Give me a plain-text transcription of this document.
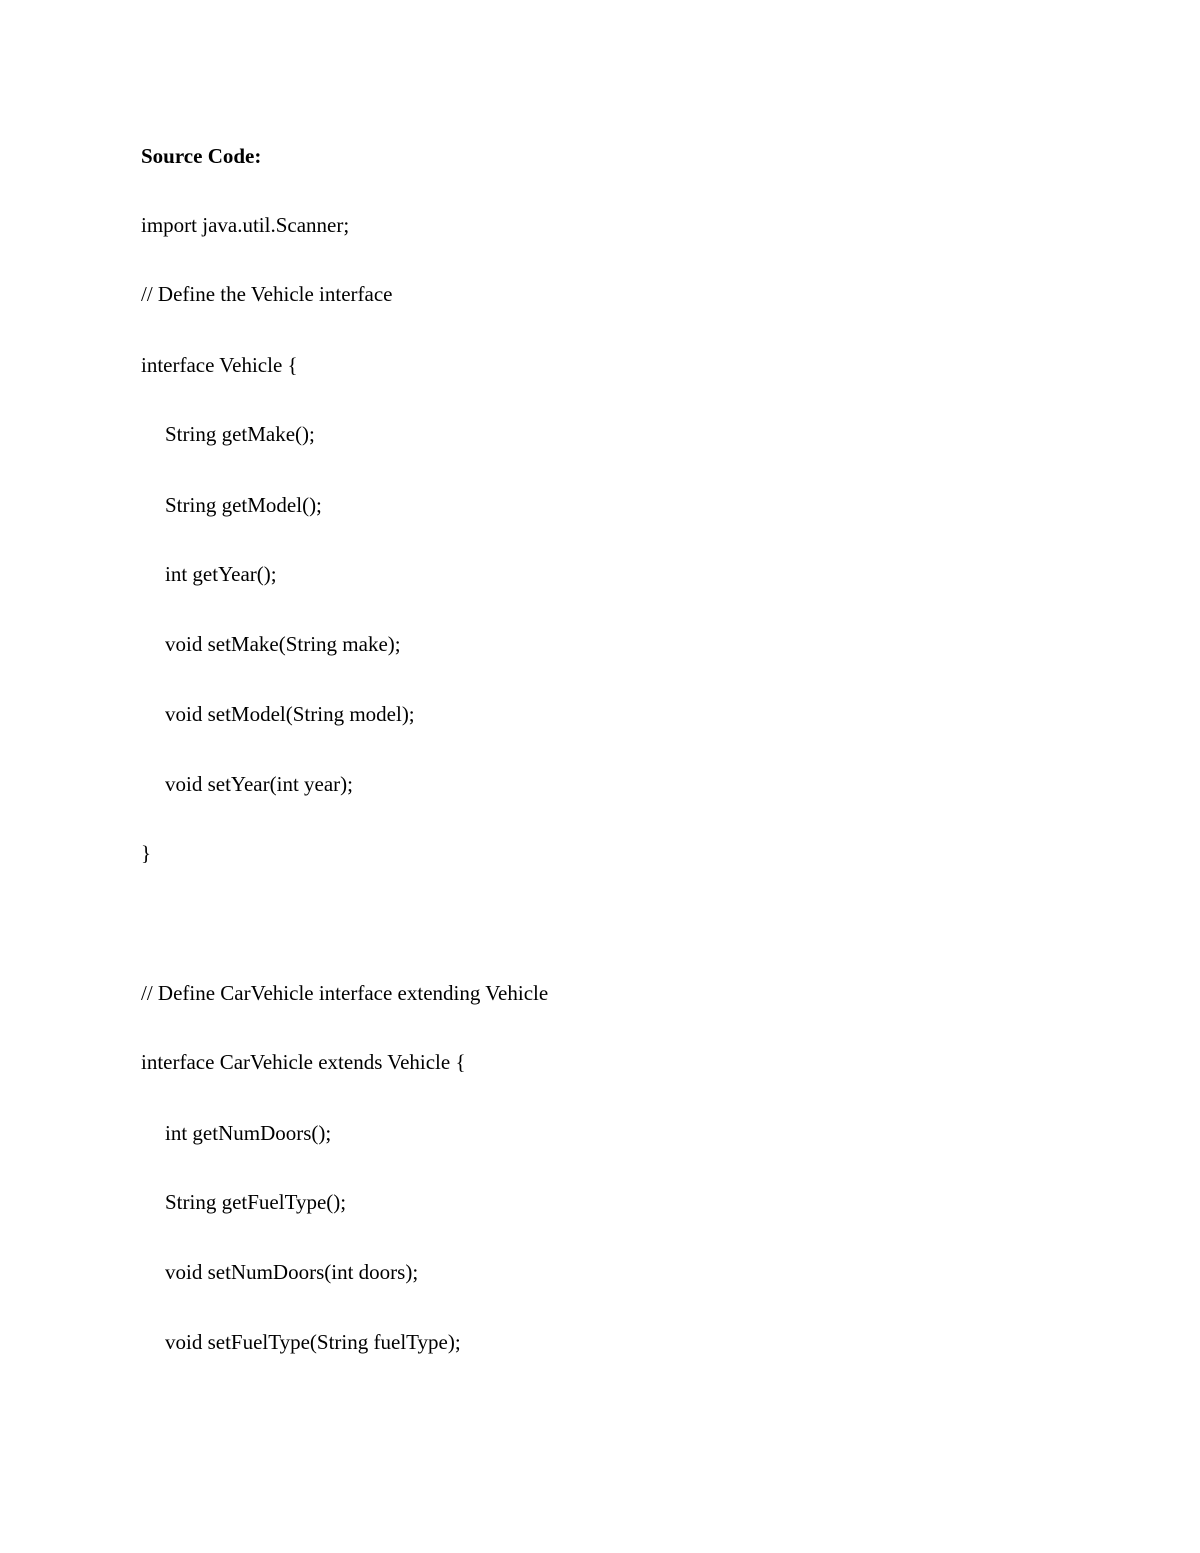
Source Code:
import java.util.Scanner;
// Define the Vehicle interface
interface Vehicle {
String getMake();
String getModel();
int getYear();
void setMake(String make);
void setModel(String model);
void setYear(int year);
}
// Define CarVehicle interface extending Vehicle
interface CarVehicle extends Vehicle {
int getNumDoors();
String getFuelType();
void setNumDoors(int doors);
void setFuelType(String fuelType);
